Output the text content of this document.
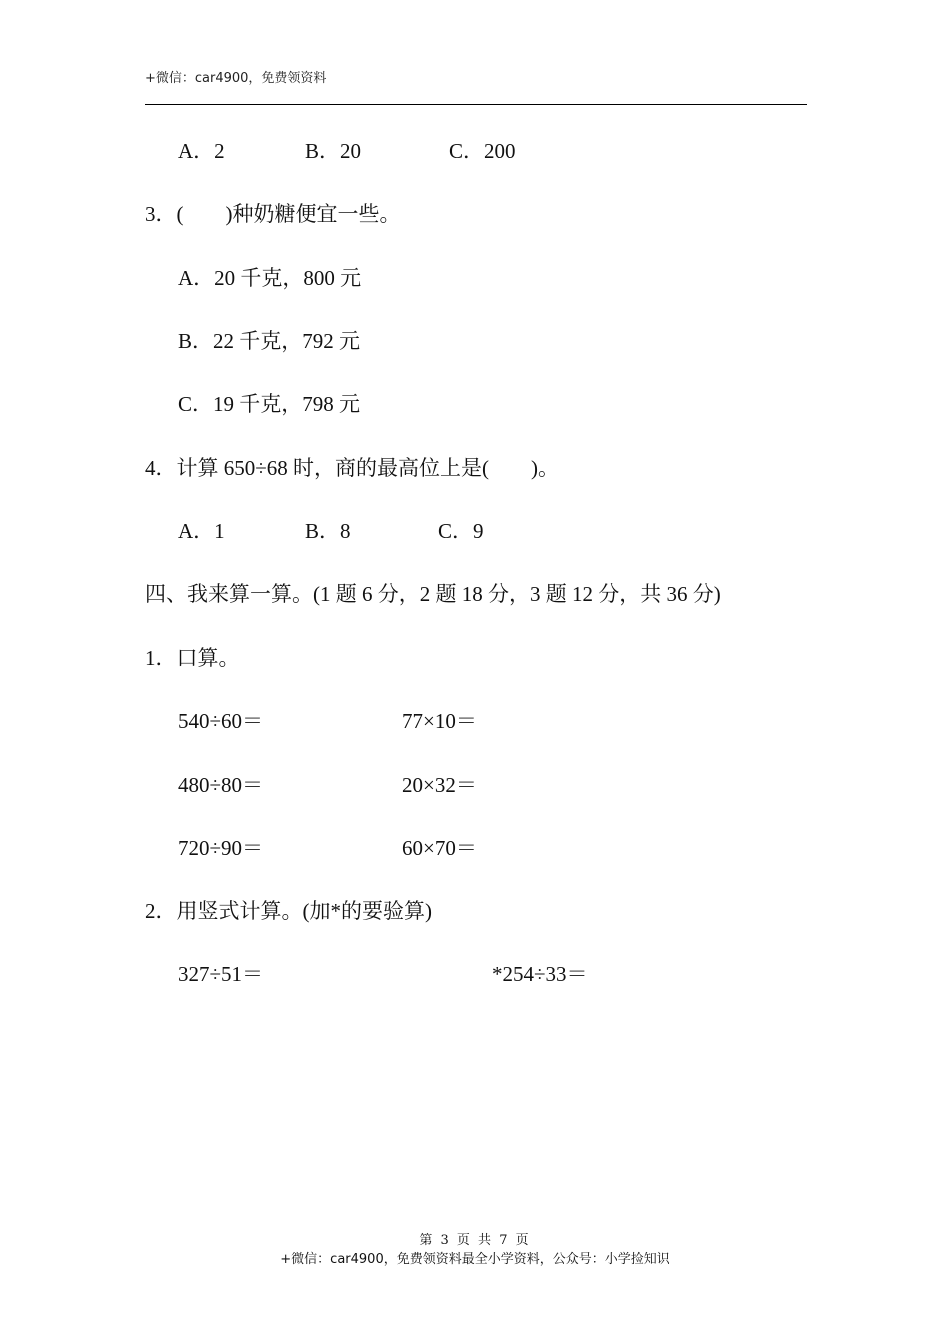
+微信：car4900，免费领资料
A．2	B．20	C．200
3．(　　)种奶糖便宜一些。
A．20 千克，800 元
B．22 千克，792 元
C．19 千克，798 元
4．计算 650÷68 时，商的最高位上是(　　)。
A．1	B．8	C．9
四、我来算一算。(1 题 6 分，2 题 18 分，3 题 12 分，共 36 分)
1．口算。
540÷60＝	77×10＝
480÷80＝	20×32＝
720÷90＝	60×70＝
2．用竖式计算。(加*的要验算)
327÷51＝	*254÷33＝
第 3 页 共 7 页
+微信：car4900，免费领资料最全小学资料，公众号：小学捡知识
